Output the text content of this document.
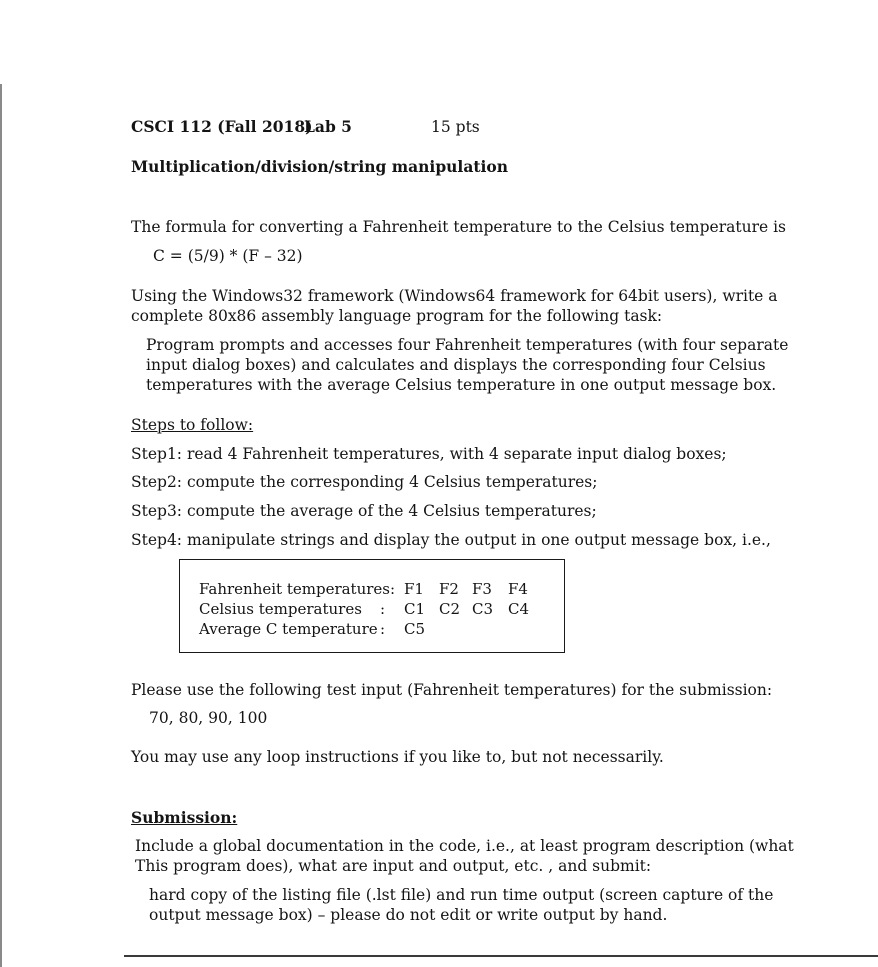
CSCI 112 (Fall 2018)
Lab 5	15 pts
Multiplication/division/string manipulation
The formula for converting a Fahrenheit temperature to the Celsius temperature is
C = (5/9) * (F – 32)
Using the Windows32 framework (Windows64 framework for 64bit users), write a
complete 80x86 assembly language program for the following task:
Program prompts and accesses four Fahrenheit temperatures (with four separate
input dialog boxes) and calculates and displays the corresponding four Celsius
temperatures with the average Celsius temperature in one output message box.
Steps to follow:
Step1: read 4 Fahrenheit temperatures, with 4 separate input dialog boxes;
Step2: compute the corresponding 4 Celsius temperatures;
Step3: compute the average of the 4 Celsius temperatures;
Step4: manipulate strings and display the output in one output message box, i.e.,
Fahrenheit temperatures: F1 F2 F3 F4
Celsius temperatures : C1 C2 C3 C4
Average C temperature : C5
Please use the following test input (Fahrenheit temperatures) for the submission:
70, 80, 90, 100
You may use any loop instructions if you like to, but not necessarily.
Submission:
Include a global documentation in the code, i.e., at least program description (what
This program does), what are input and output, etc. , and submit:
hard copy of the listing file (.lst file) and run time output (screen capture of the
output message box) – please do not edit or write output by hand.
